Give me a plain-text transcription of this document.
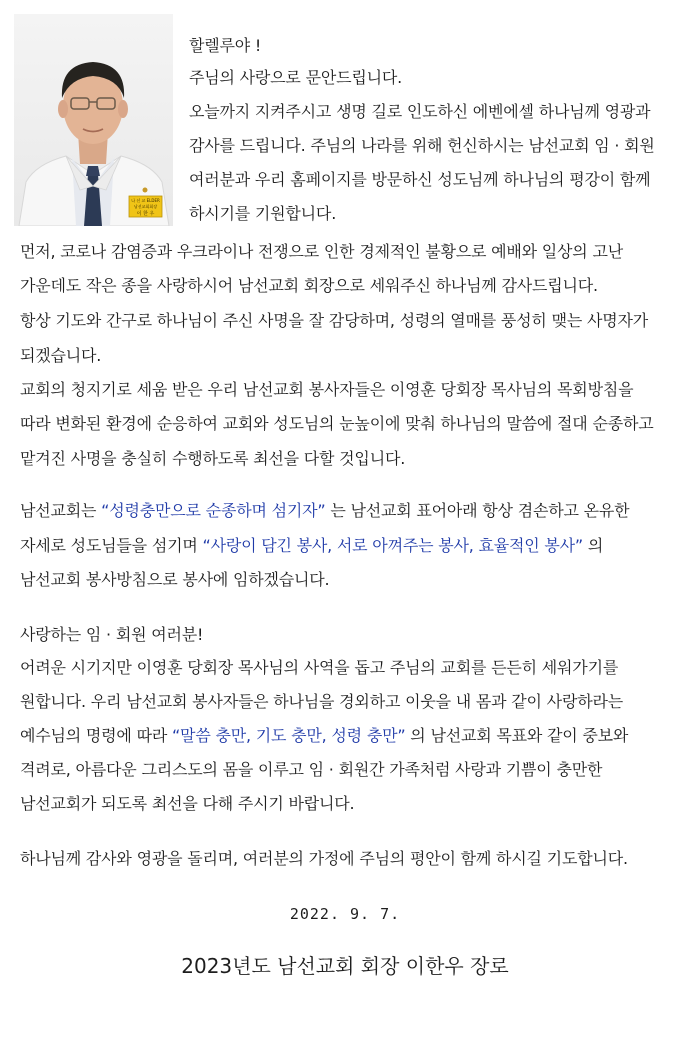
나 선 교 ELDER
남선교회회장
이 한 우
할렐루야 !
주님의 사랑으로 문안드립니다.
오늘까지 지켜주시고 생명 길로 인도하신 에벤에셀 하나님께 영광과
감사를 드립니다. 주님의 나라를 위해 헌신하시는 남선교회 임 · 회원
여러분과 우리 홈페이지를 방문하신 성도님께 하나님의 평강이 함께
하시기를 기원합니다.
먼저, 코로나 감염증과 우크라이나 전쟁으로 인한 경제적인 불황으로 예배와 일상의 고난
가운데도 작은 종을 사랑하시어 남선교회 회장으로 세워주신 하나님께 감사드립니다.
항상 기도와 간구로 하나님이 주신 사명을 잘 감당하며, 성령의 열매를 풍성히 맺는 사명자가
되겠습니다.
교회의 청지기로 세움 받은 우리 남선교회 봉사자들은 이영훈 당회장 목사님의 목회방침을
따라 변화된 환경에 순응하여 교회와 성도님의 눈높이에 맞춰 하나님의 말씀에 절대 순종하고
맡겨진 사명을 충실히 수행하도록 최선을 다할 것입니다.
남선교회는 “성령충만으로 순종하며 섬기자” 는 남선교회 표어아래 항상 겸손하고 온유한
자세로 성도님들을 섬기며 “사랑이 담긴 봉사, 서로 아껴주는 봉사, 효율적인 봉사” 의
남선교회 봉사방침으로 봉사에 임하겠습니다.
사랑하는 임 · 회원 여러분!
어려운 시기지만 이영훈 당회장 목사님의 사역을 돕고 주님의 교회를 든든히 세워가기를
원합니다. 우리 남선교회 봉사자들은 하나님을 경외하고 이웃을 내 몸과 같이 사랑하라는
예수님의 명령에 따라 “말씀 충만, 기도 충만, 성령 충만” 의 남선교회 목표와 같이 중보와
격려로, 아름다운 그리스도의 몸을 이루고 임 · 회원간 가족처럼 사랑과 기쁨이 충만한
남선교회가 되도록 최선을 다해 주시기 바랍니다.
하나님께 감사와 영광을 돌리며, 여러분의 가정에 주님의 평안이 함께 하시길 기도합니다.
2022. 9. 7.
2023년도 남선교회 회장 이한우 장로
